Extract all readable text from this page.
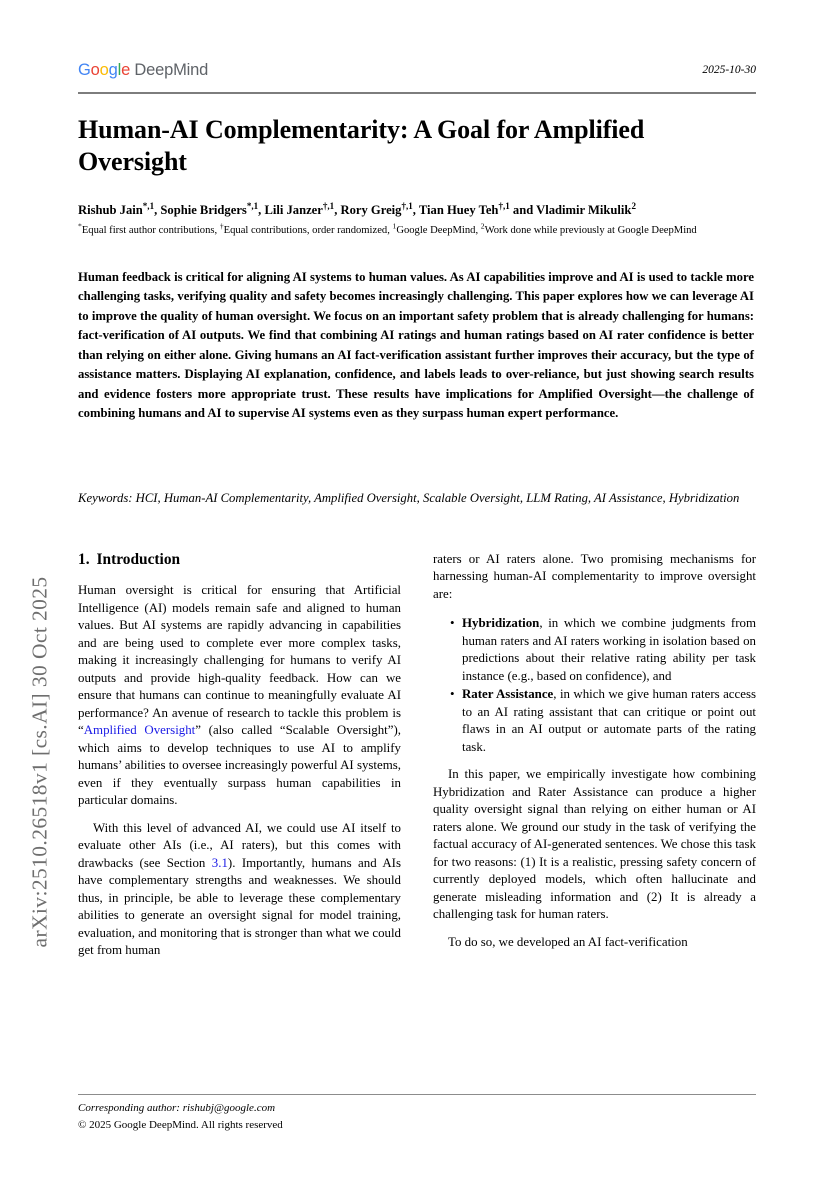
arXiv:2510.26518v1 [cs.AI] 30 Oct 2025
Google DeepMind	2025-10-30
Human-AI Complementarity: A Goal for Amplified Oversight

Rishub Jain$^{*,1}$, Sophie Bridgers$^{*,1}$, Lili Janzer$^{\dagger,1}$, Rory Greig$^{\dagger,1}$, Tian Huey Teh$^{\dagger,1}$ and Vladimir Mikulik$^2$

*Equal first author contributions, †Equal contributions, order randomized, $^1$Google DeepMind, $^2$Work done while previously at Google DeepMind

Human feedback is critical for aligning AI systems to human values. As AI capabilities improve and AI is used to tackle more challenging tasks, verifying quality and safety becomes increasingly challenging. This paper explores how we can leverage AI to improve the quality of human oversight. We focus on an important safety problem that is already challenging for humans: fact-verification of AI outputs. We find that combining AI ratings and human ratings based on AI rater confidence is better than relying on either alone. Giving humans an AI fact-verification assistant further improves their accuracy, but the type of assistance matters. Displaying AI explanation, confidence, and labels leads to over-reliance, but just showing search results and evidence fosters more appropriate trust. These results have implications for Amplified Oversight—the challenge of combining humans and AI to supervise AI systems even as they surpass human expert performance.
Keywords: HCI, Human-AI Complementarity, Amplified Oversight, Scalable Oversight, LLM Rating, AI Assistance, Hybridization
1. Introduction

Human oversight is critical for ensuring that Artificial Intelligence (AI) models remain safe and aligned to human values. But AI systems are rapidly advancing in capabilities and are being used to complete ever more complex tasks, making it increasingly challenging for humans to verify AI outputs and provide high-quality feedback. How can we ensure that humans can continue to meaningfully evaluate AI performance? An avenue of research to tackle this problem is “Amplified Oversight” (also called “Scalable Oversight”), which aims to develop techniques to use AI to amplify humans’ abilities to oversee increasingly powerful AI systems, even if they eventually surpass human capabilities in particular domains.

With this level of advanced AI, we could use AI itself to evaluate other AIs (i.e., AI raters), but this comes with drawbacks (see Section 3.1). Importantly, humans and AIs have complementary strengths and weaknesses. We should thus, in principle, be able to leverage these complementary abilities to generate an oversight signal for model training, evaluation, and monitoring that is stronger than what we could get from human

raters or AI raters alone. Two promising mechanisms for harnessing human-AI complementarity to improve oversight are:

• Hybridization, in which we combine judgments from human raters and AI raters working in isolation based on predictions about their relative rating ability per task instance (e.g., based on confidence), and
• Rater Assistance, in which we give human raters access to an AI rating assistant that can critique or point out flaws in an AI output or automate parts of the rating task.

In this paper, we empirically investigate how combining Hybridization and Rater Assistance can produce a higher quality oversight signal than relying on either human or AI raters alone. We ground our study in the task of verifying the factual accuracy of AI-generated sentences. We chose this task for two reasons: (1) It is a realistic, pressing safety concern of currently deployed models, which often hallucinate and generate misleading information and (2) It is already a challenging task for human raters.

To do so, we developed an AI fact-verification

Corresponding author: rishubj@google.com
© 2025 Google DeepMind. All rights reserved
